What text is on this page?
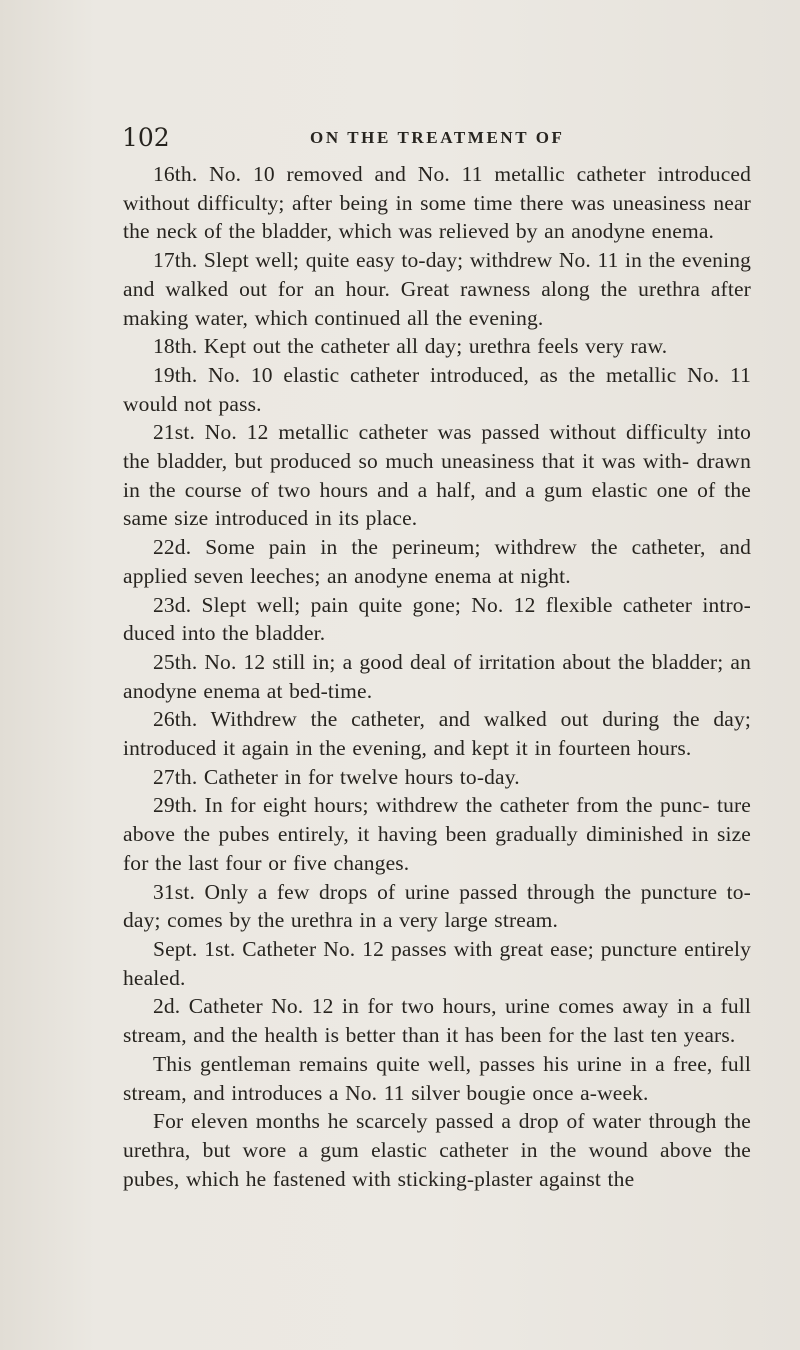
102	ON THE TREATMENT OF

16th. No. 10 removed and No. 11 metallic catheter introduced without difficulty; after being in some time there was uneasiness near the neck of the bladder, which was relieved by an anodyne enema.

17th. Slept well; quite easy to-day; withdrew No. 11 in the evening and walked out for an hour. Great rawness along the urethra after making water, which continued all the evening.

18th. Kept out the catheter all day; urethra feels very raw.

19th. No. 10 elastic catheter introduced, as the metallic No. 11 would not pass.

21st. No. 12 metallic catheter was passed without difficulty into the bladder, but produced so much uneasiness that it was with- drawn in the course of two hours and a half, and a gum elastic one of the same size introduced in its place.

22d. Some pain in the perineum; withdrew the catheter, and applied seven leeches; an anodyne enema at night.

23d. Slept well; pain quite gone; No. 12 flexible catheter intro- duced into the bladder.

25th. No. 12 still in; a good deal of irritation about the bladder; an anodyne enema at bed-time.

26th. Withdrew the catheter, and walked out during the day; introduced it again in the evening, and kept it in fourteen hours.

27th. Catheter in for twelve hours to-day.

29th. In for eight hours; withdrew the catheter from the punc- ture above the pubes entirely, it having been gradually diminished in size for the last four or five changes.

31st. Only a few drops of urine passed through the puncture to-day; comes by the urethra in a very large stream.

Sept. 1st. Catheter No. 12 passes with great ease; puncture entirely healed.

2d. Catheter No. 12 in for two hours, urine comes away in a full stream, and the health is better than it has been for the last ten years.

This gentleman remains quite well, passes his urine in a free, full stream, and introduces a No. 11 silver bougie once a-week.

For eleven months he scarcely passed a drop of water through the urethra, but wore a gum elastic catheter in the wound above the pubes, which he fastened with sticking-plaster against the
